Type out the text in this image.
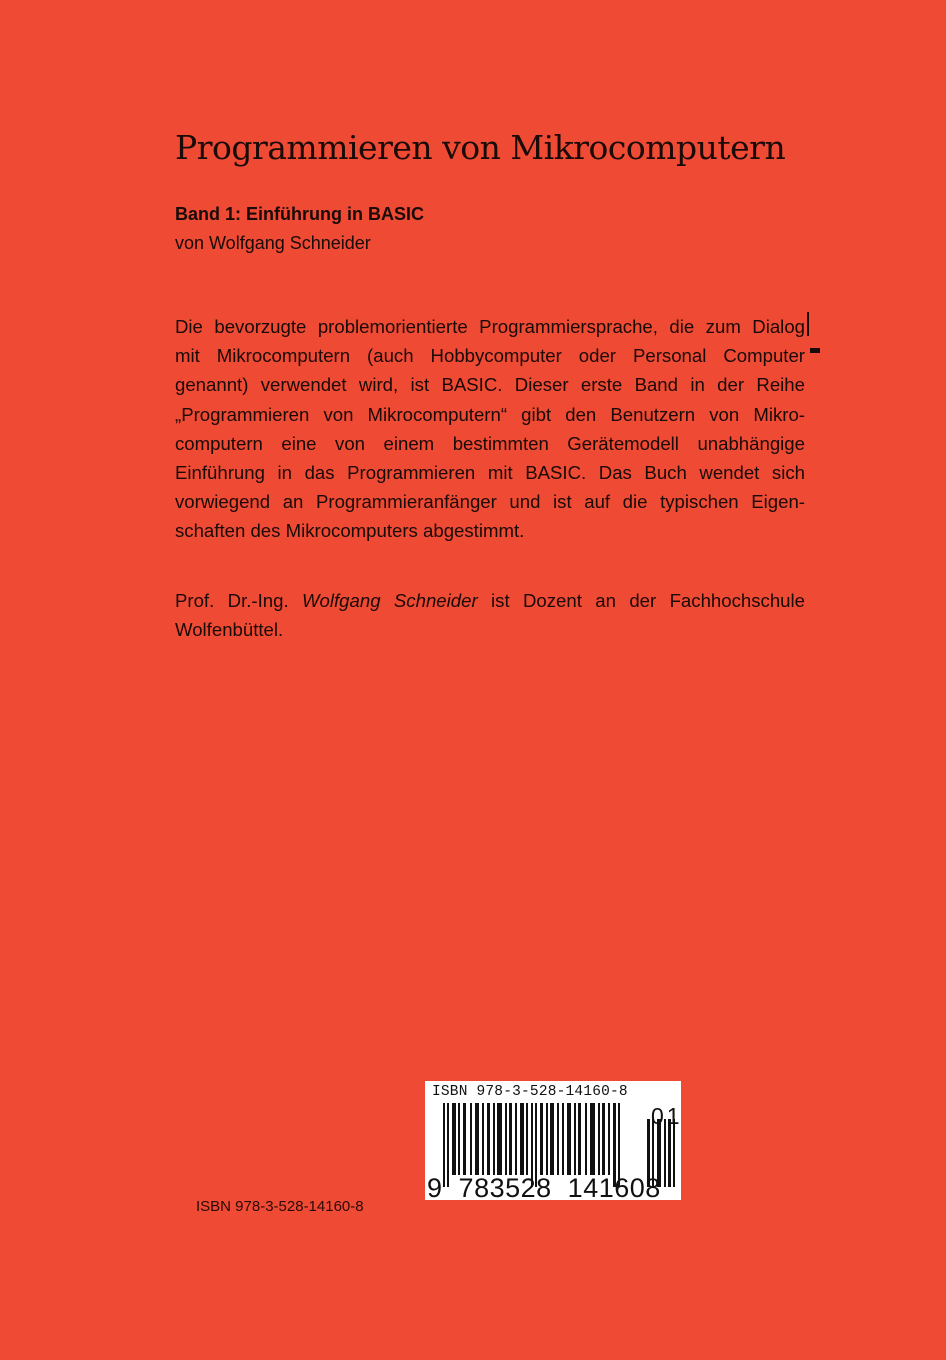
Programmieren von Mikrocomputern
Band 1: Einführung in BASIC
von Wolfgang Schneider
Die bevorzugte problemorientierte Programmiersprache, die zum Dialog
mit Mikrocomputern (auch Hobbycomputer oder Personal Computer
genannt) verwendet wird, ist BASIC. Dieser erste Band in der Reihe
„Programmieren von Mikrocomputern“ gibt den Benutzern von Mikro-
computern eine von einem bestimmten Gerätemodell unabhängige
Einführung in das Programmieren mit BASIC. Das Buch wendet sich
vorwiegend an Programmieranfänger und ist auf die typischen Eigen-
schaften des Mikrocomputers abgestimmt.
Prof. Dr.-Ing. Wolfgang Schneider ist Dozent an der Fachhochschule
Wolfenbüttel.
ISBN 978-3-528-14160-8
9 783528 141608
01
ISBN 978-3-528-14160-8
